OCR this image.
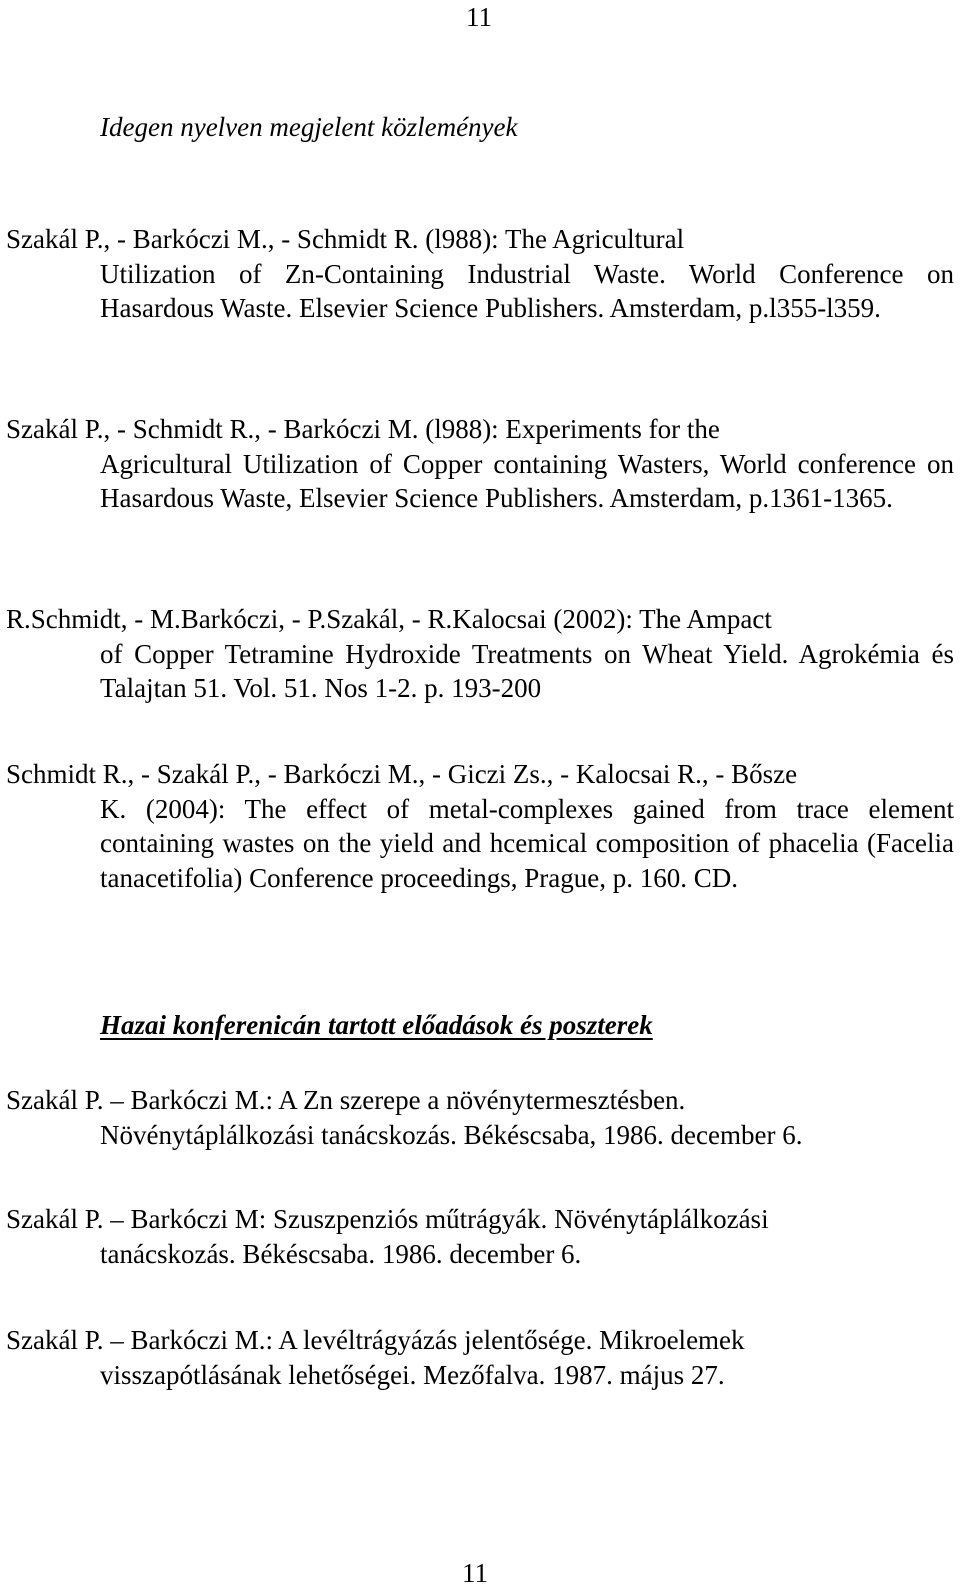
11
Idegen nyelven megjelent közlemények
Szakál P., - Barkóczi M., - Schmidt R. (l988): The Agricultural
Utilization of Zn-Containing Industrial Waste. World Conference on Hasardous Waste. Elsevier Science Publishers. Amsterdam, p.l355-l359.
Szakál P., - Schmidt R., - Barkóczi M. (l988): Experiments for the
Agricultural Utilization of Copper containing Wasters, World conference on Hasardous Waste, Elsevier Science Publishers. Amsterdam, p.1361-1365.
R.Schmidt, - M.Barkóczi, - P.Szakál, - R.Kalocsai (2002): The Ampact
of Copper Tetramine Hydroxide Treatments on Wheat Yield. Agrokémia és Talajtan 51. Vol. 51. Nos 1-2. p. 193-200
Schmidt R., - Szakál P., - Barkóczi M., - Giczi Zs., - Kalocsai R., - Bősze
K. (2004): The effect of metal-complexes gained from trace element containing wastes on the yield and hcemical composition of phacelia (Facelia tanacetifolia) Conference proceedings, Prague, p. 160. CD.
Hazai konferenicán tartott előadások és poszterek
Szakál P. – Barkóczi M.: A Zn szerepe a növénytermesztésben.
Növénytáplálkozási tanácskozás. Békéscsaba, 1986. december 6.
Szakál P. – Barkóczi M: Szuszpenziós műtrágyák. Növénytáplálkozási
tanácskozás. Békéscsaba. 1986. december 6.
Szakál P. – Barkóczi M.: A levéltrágyázás jelentősége. Mikroelemek
visszapótlásának lehetőségei. Mezőfalva. 1987. május 27.
11
